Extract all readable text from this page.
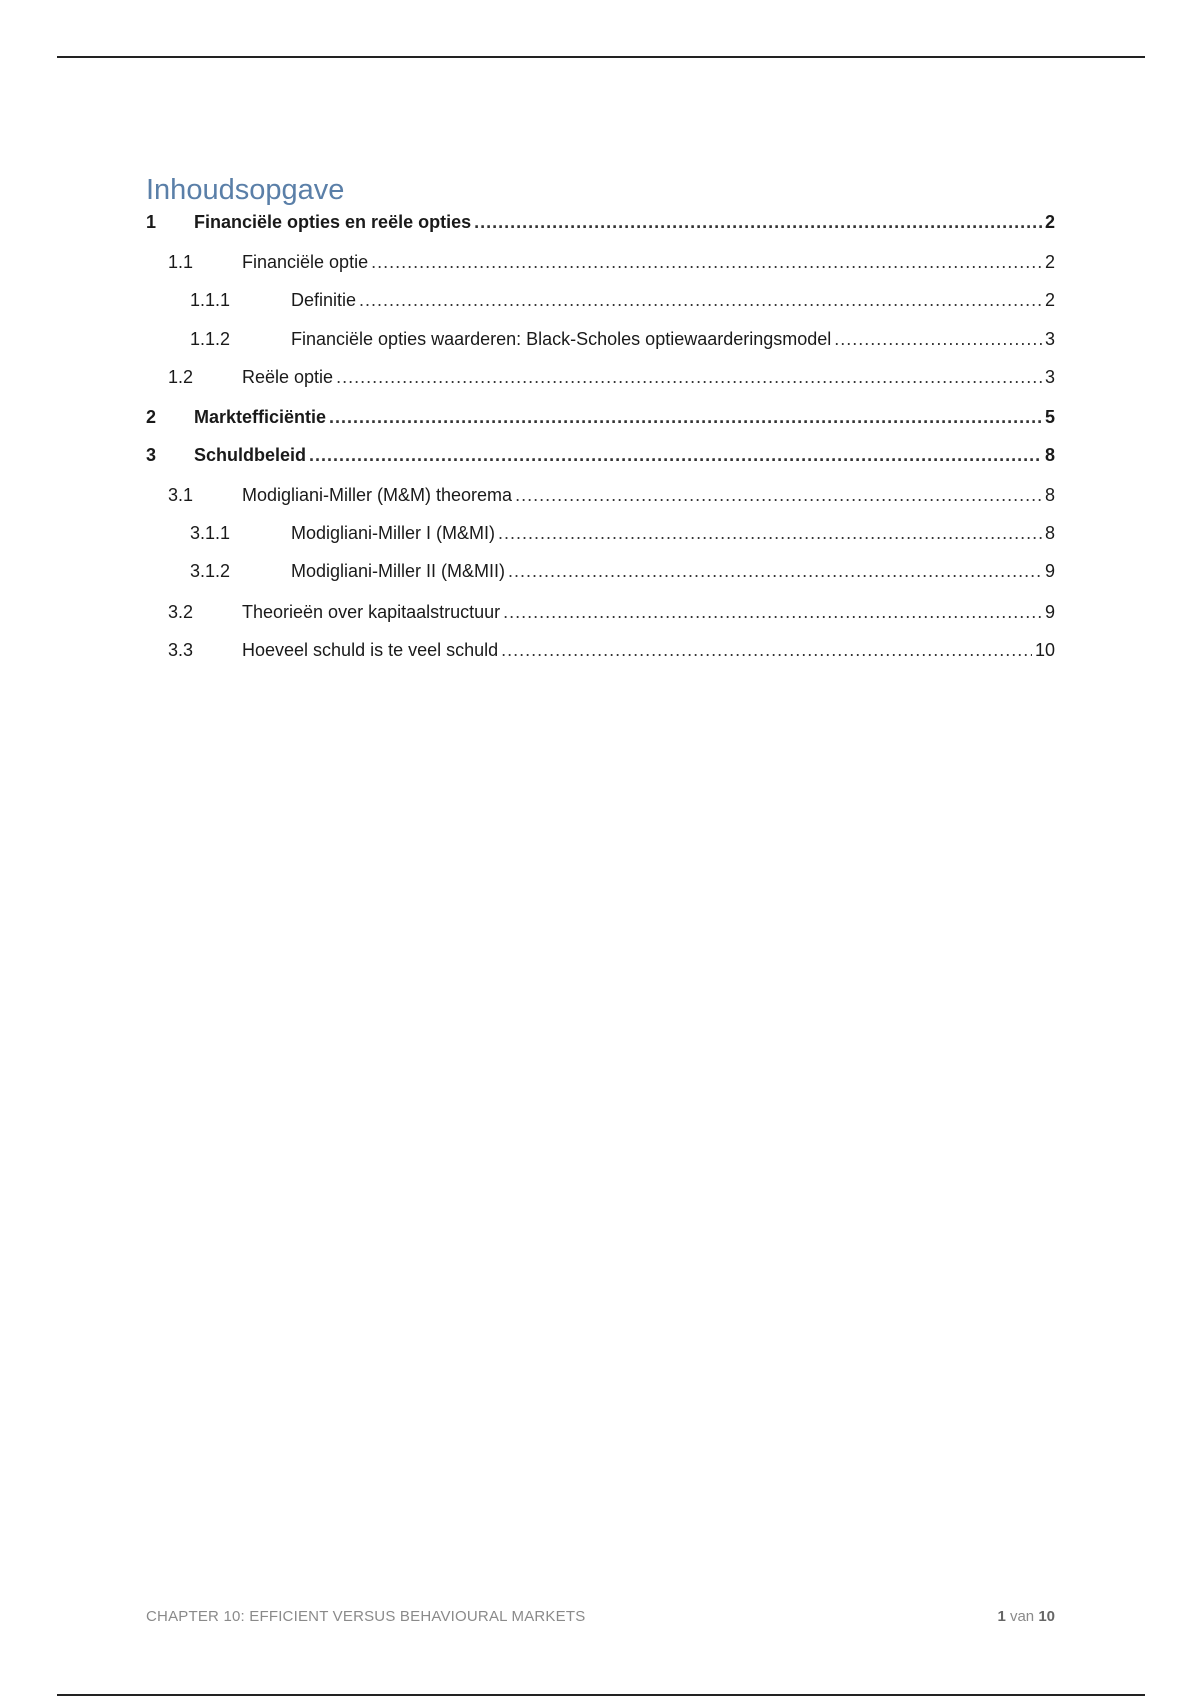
Inhoudsopgave
1	Financiële opties en reële opties .....	2
1.1	Financiële optie .....	2
1.1.1	Definitie .....	2
1.1.2	Financiële opties waarderen: Black-Scholes optiewaarderingsmodel .....	3
1.2	Reële optie .....	3
2	Marktefficiëntie .....	5
3	Schuldbeleid .....	8
3.1	Modigliani-Miller (M&M) theorema .....	8
3.1.1	Modigliani-Miller I (M&MI) .....	8
3.1.2	Modigliani-Miller II (M&MII) .....	9
3.2	Theorieën over kapitaalstructuur .....	9
3.3	Hoeveel schuld is te veel schuld .....	10
CHAPTER 10: EFFICIENT VERSUS BEHAVIOURAL MARKETS	1 van 10
